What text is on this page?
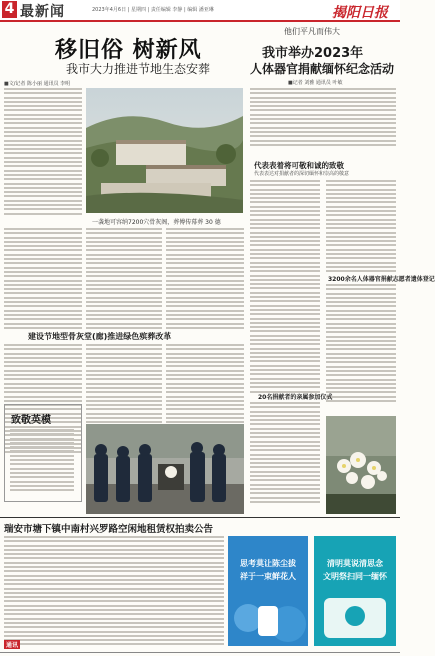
4 最新闻	2023年4月6日 | 星期四 | 责任编辑 李静 | 编辑 潘亚琳	揭阳日报
移旧俗 树新风
我市大力推进节地生态安葬
■文/记者 陈小丽 通讯员 李明
一袭地可容纳7200穴骨灰阁，葬傅传幕葬 30 德
建设节地型骨灰堂(廊)推进绿色殡葬改革
致敬英模
他们平凡而伟大
我市举办2023年
人体器官捐献缅怀纪念活动
■记者 刘雅 通讯员 叶敏
代表表着将可敬和诚的致敬
代表表达对捐献者的深切缅怀和崇高的敬意
3200余名人体器官捐献志愿者遗体登记
20名捐献者的亲属参加仪式
瑞安市塘下镇中南村兴罗路空闲地租赁权拍卖公告
通讯
思考莫让陈尘拔
祥于一束鲜花人
清明莫说清思念
文明祭扫同一缅怀
